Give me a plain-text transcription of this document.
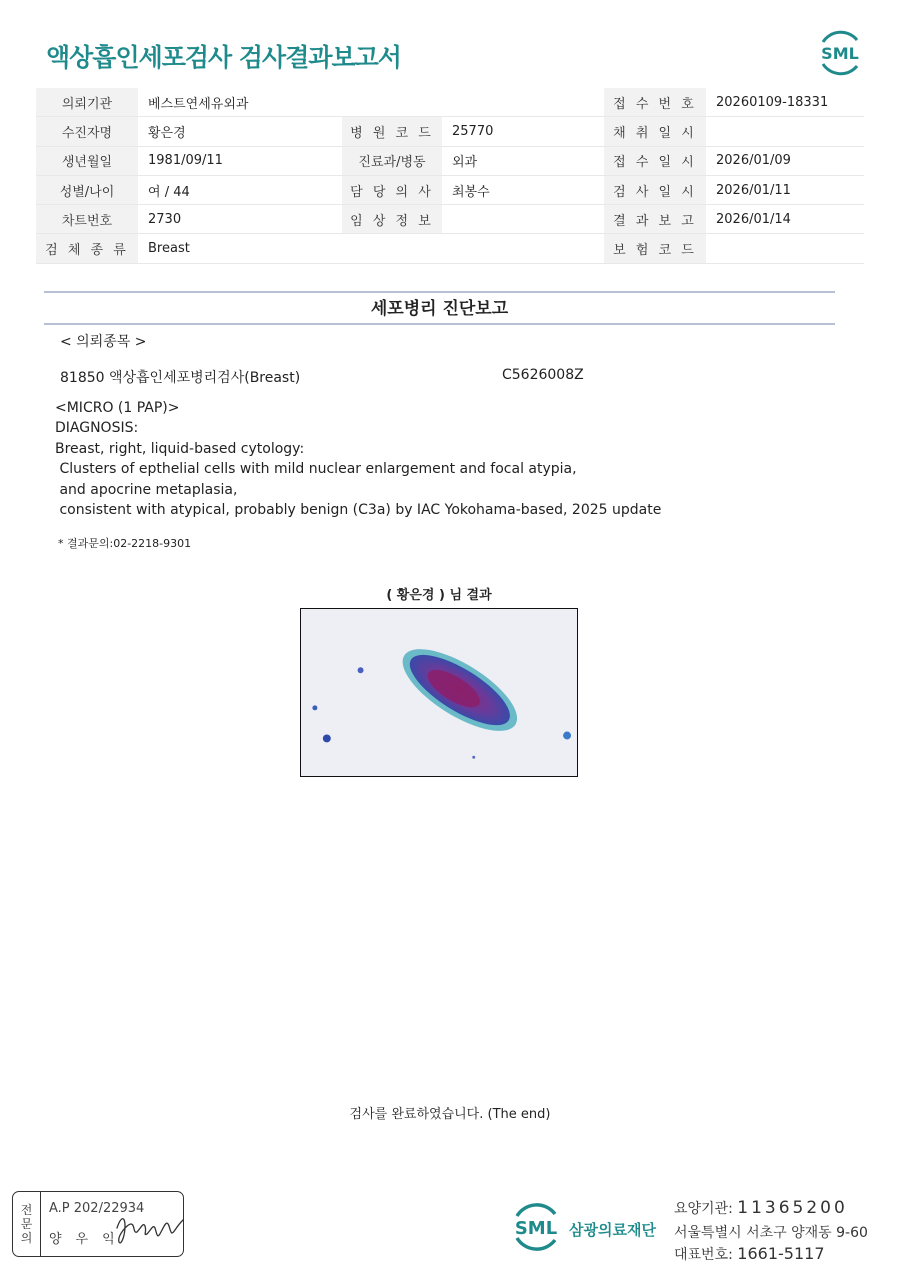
액상흡인세포검사 검사결과보고서	SML
의뢰기관	베스트연세유외과			접 수 번 호	20260109-18331
수진자명	황은경	병 원 코 드	25770	채 취 일 시	
생년월일	1981/09/11	진료과/병동	외과	접 수 일 시	2026/01/09
성별/나이	여 / 44	담 당 의 사	최봉수	검 사 일 시	2026/01/11
차트번호	2730	임 상 정 보		결 과 보 고	2026/01/14
검 체 종 류	Breast			보 험 코 드	
세포병리 진단보고
< 의뢰종목 >
81850 액상흡인세포병리검사(Breast)	C5626008Z
<MICRO (1 PAP)>
DIAGNOSIS:
Breast, right, liquid-based cytology:
Clusters of epthelial cells with mild nuclear enlargement and focal atypia,
and apocrine metaplasia,
consistent with atypical, probably benign (C3a) by IAC Yokohama-based, 2025 update
* 결과문의:02-2218-9301
( 황은경 ) 님 결과
검사를 완료하였습니다. (The end)
전
문
의
A.P 202/22934
양우익
SML 삼광의료재단
요양기관: 11365200
서울특별시 서초구 양재동 9-60
대표번호: 1661-5117
